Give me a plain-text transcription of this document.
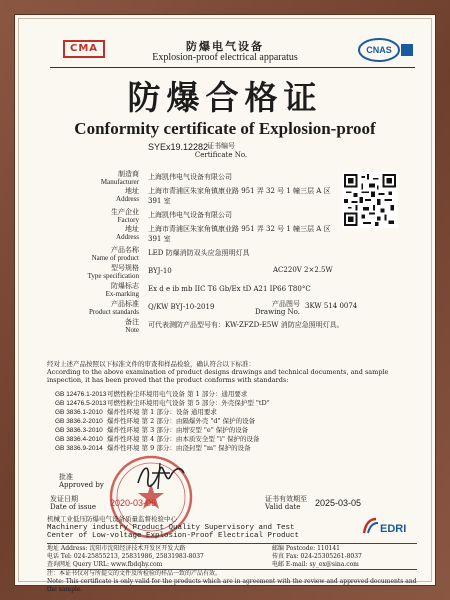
CMA	CNAS
防爆电气设备
Explosion-proof electrical apparatus
防爆合格证
Conformity certificate of Explosion-proof
证书编号
Certificate No.
SYEx19.12282
制造商
Manufacturer
上海凯伟电气设备有限公司
地址
Address
上海市青浦区朱家角镇康业路 951 弄 32 号 1 幢三层 A 区 391 室
生产企业
Factory
上海凯伟电气设备有限公司
地址
Address
上海市青浦区朱家角镇康业路 951 弄 32 号 1 幢三层 A 区 391 室
产品名称
Name of product
LED 防爆消防双头应急照明灯具
型号规格
Type specification
BYJ-10	AC220V 2×2.5W
防爆标志
Ex-marking
Ex d e ib mb IIC T6 Gb/Ex tD A21 IP66 T80°C
产品标准
Product standards
Q/KW BYJ-10-2019	产品图号
Drawing No.
3KW 514 0074
备注
Note
可代表测防产品型号有：KW-ZFZD-E5W 消防应急照明灯具。
经对上述产品按照以下标准文件的审查和样品检验，确认符合以下标准：
According to the above examination of product designs drawings and technical documents, and sample
inspection, it has been proved that the product conforms with standards:
GB 12476.1-2013可燃性粉尘环境用电气设备 第 1 部分：通用要求
GB 12476.5-2013可燃性粉尘环境用电气设备 第 5 部分：外壳保护型 "tD"
GB 3836.1-2010 爆炸性环境 第 1 部分：设备 通用要求
GB 3836.2-2010 爆炸性环境 第 2 部分：由隔爆外壳 "d" 保护的设备
GB 3836.3-2010 爆炸性环境 第 3 部分：由增安型 "e" 保护的设备
GB 3836.4-2010 爆炸性环境 第 4 部分：由本质安全型 "i" 保护的设备
GB 3836.9-2014 爆炸性环境 第 9 部分：由浇封型 "m" 保护的设备
批准
Approved by
发证日期
Date of issue 2020-03-06	证书有效期至
Valid date	2025-03-05
机械工业低压防爆电气设备质量监督检验中心
Machinery industry Product Quality Supervisory and Test
Center of Low-voltage Explosion-Proof Electrical Product
EDRI
地址 Address: 沈阳市沈阳经济技术开发区开发大路	邮编 Postcode: 110141
电话 Tel: 024-25855213, 25831986, 25831983-8037	传真 Fax: 024-25305261-8037
查询网址 Query URL: www.fbdqhy.com	电邮 E-mail: sy_ex@sina.com
注：本证书仅对与所提交的文件及所检验的样品一致的产品有效。
Note: This certificate is only valid for the products which are in agreement with the review and approved documents and the sample.
